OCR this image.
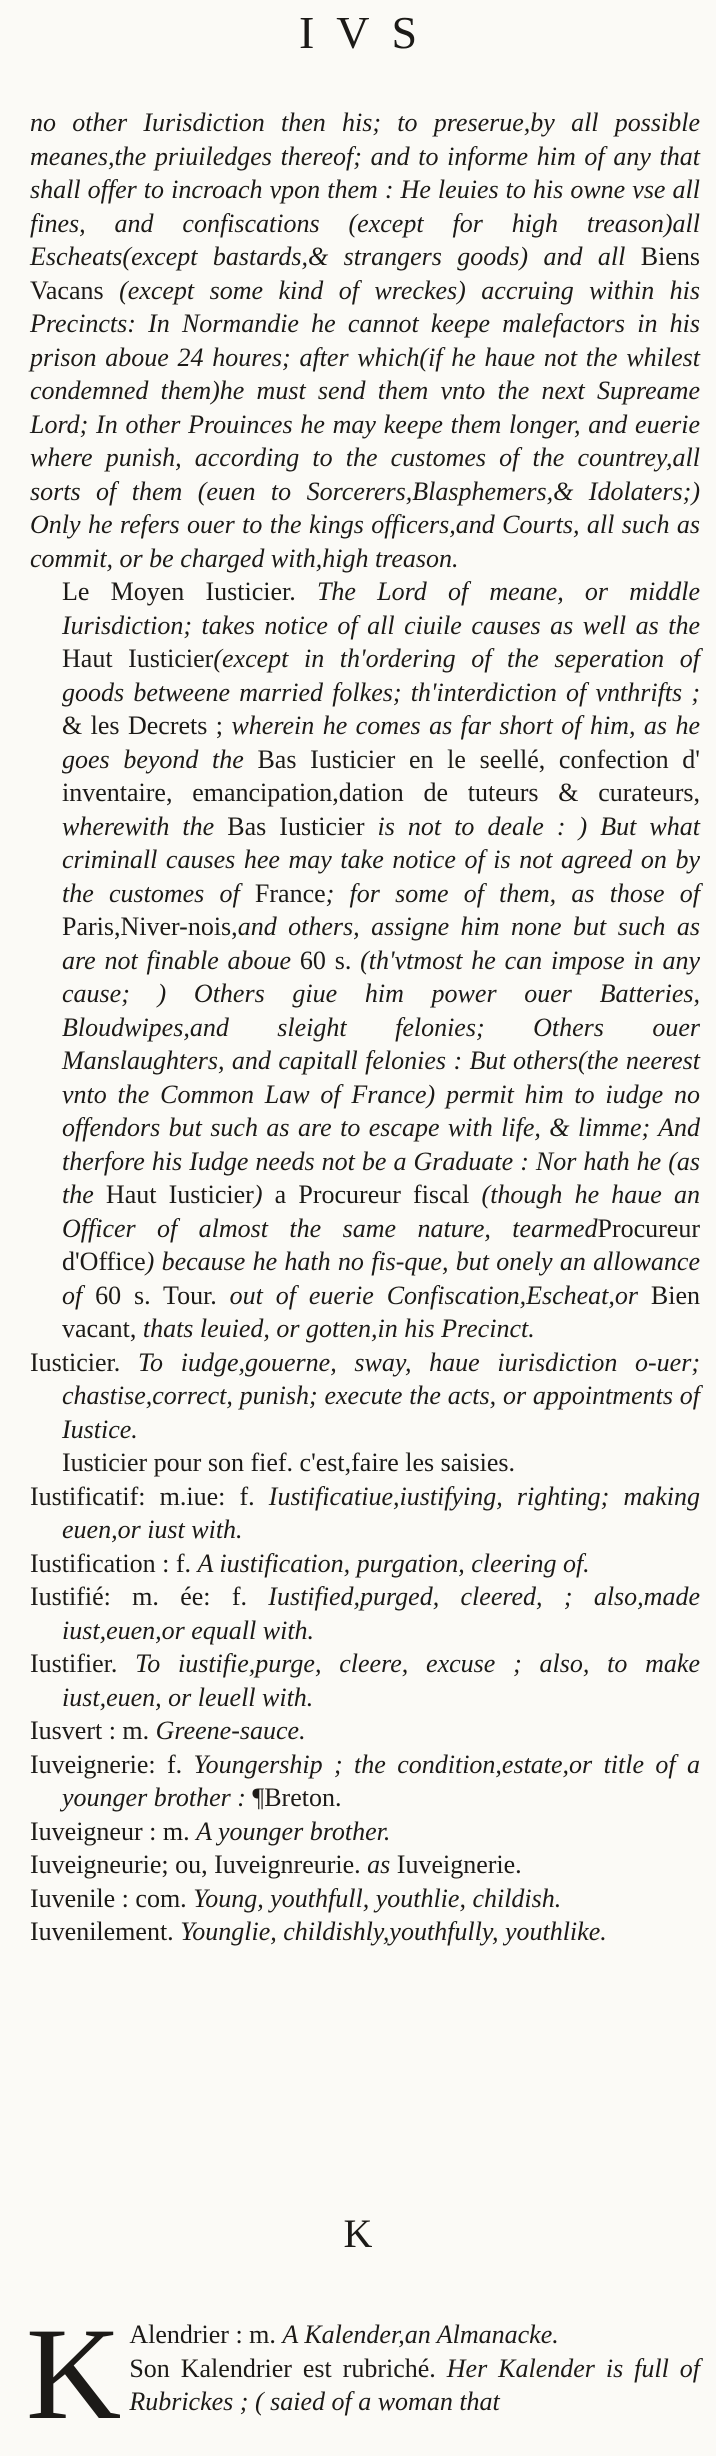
IVS

no other Iurisdiction then his; to preserue,by all possible meanes,the priuiledges thereof; and to informe him of any that shall offer to incroach vpon them : He leuies to his owne vse all fines, and confiscations (except for high treason)all Escheats(except bastards,& strangers goods) and all Biens Vacans (except some kind of wreckes) accruing within his Precincts: In Normandie he cannot keepe malefactors in his prison aboue 24 houres; after which(if he haue not the whilest condemned them)he must send them vnto the next Supreame Lord; In other Prouinces he may keepe them longer, and euerie where punish, according to the customes of the countrey,all sorts of them (euen to Sorcerers,Blasphemers,& Idolaters;) Only he refers ouer to the kings officers,and Courts, all such as commit, or be charged with,high treason.

Le Moyen Iusticier. The Lord of meane, or middle Iurisdiction; takes notice of all ciuile causes as well as the Haut Iusticier(except in th'ordering of the seperation of goods betweene married folkes; th'interdiction of vnthrifts ; & les Decrets ; wherein he comes as far short of him, as he goes beyond the Bas Iusticier en le seellé, confection d' inventaire, emancipation,dation de tuteurs & curateurs, wherewith the Bas Iusticier is not to deale : ) But what criminall causes hee may take notice of is not agreed on by the customes of France; for some of them, as those of Paris,Niver-nois,and others, assigne him none but such as are not finable aboue 60 s. (th'vtmost he can impose in any cause; ) Others giue him power ouer Batteries, Bloudwipes,and sleight felonies; Others ouer Manslaughters, and capitall felonies : But others(the neerest vnto the Common Law of France) permit him to iudge no offendors but such as are to escape with life, & limme; And therfore his Iudge needs not be a Graduate : Nor hath he (as the Haut Iusticier) a Procureur fiscal (though he haue an Officer of almost the same nature, tearmedProcureur d'Office) because he hath no fis-que, but onely an allowance of 60 s. Tour. out of euerie Confiscation,Escheat,or Bien vacant, thats leuied, or gotten,in his Precinct.

Iusticier. To iudge,gouerne, sway, haue iurisdiction o-uer; chastise,correct, punish; execute the acts, or appointments of Iustice.

Iusticier pour son fief. c'est,faire les saisies.

Iustificatif: m.iue: f. Iustificatiue,iustifying, righting; making euen,or iust with.

Iustification : f. A iustification, purgation, cleering of.

Iustifié: m. ée: f. Iustified,purged, cleered, ; also,made iust,euen,or equall with.

Iustifier. To iustifie,purge, cleere, excuse ; also, to make iust,euen, or leuell with.

Iusvert : m. Greene-sauce.

Iuveignerie: f. Youngership ; the condition,estate,or title of a younger brother : ¶Breton.

Iuveigneur : m. A younger brother.

Iuveigneurie; ou, Iuveignreurie. as Iuveignerie.

Iuvenile : com. Young, youthfull, youthlie, childish.

Iuvenilement. Younglie, childishly,youthfully, youthlike.

K
K Alendrier : m. A Kalender,an Almanacke.

Son Kalendrier est rubriché. Her Kalender is full of Rubrickes ; ( saied of a woman that
